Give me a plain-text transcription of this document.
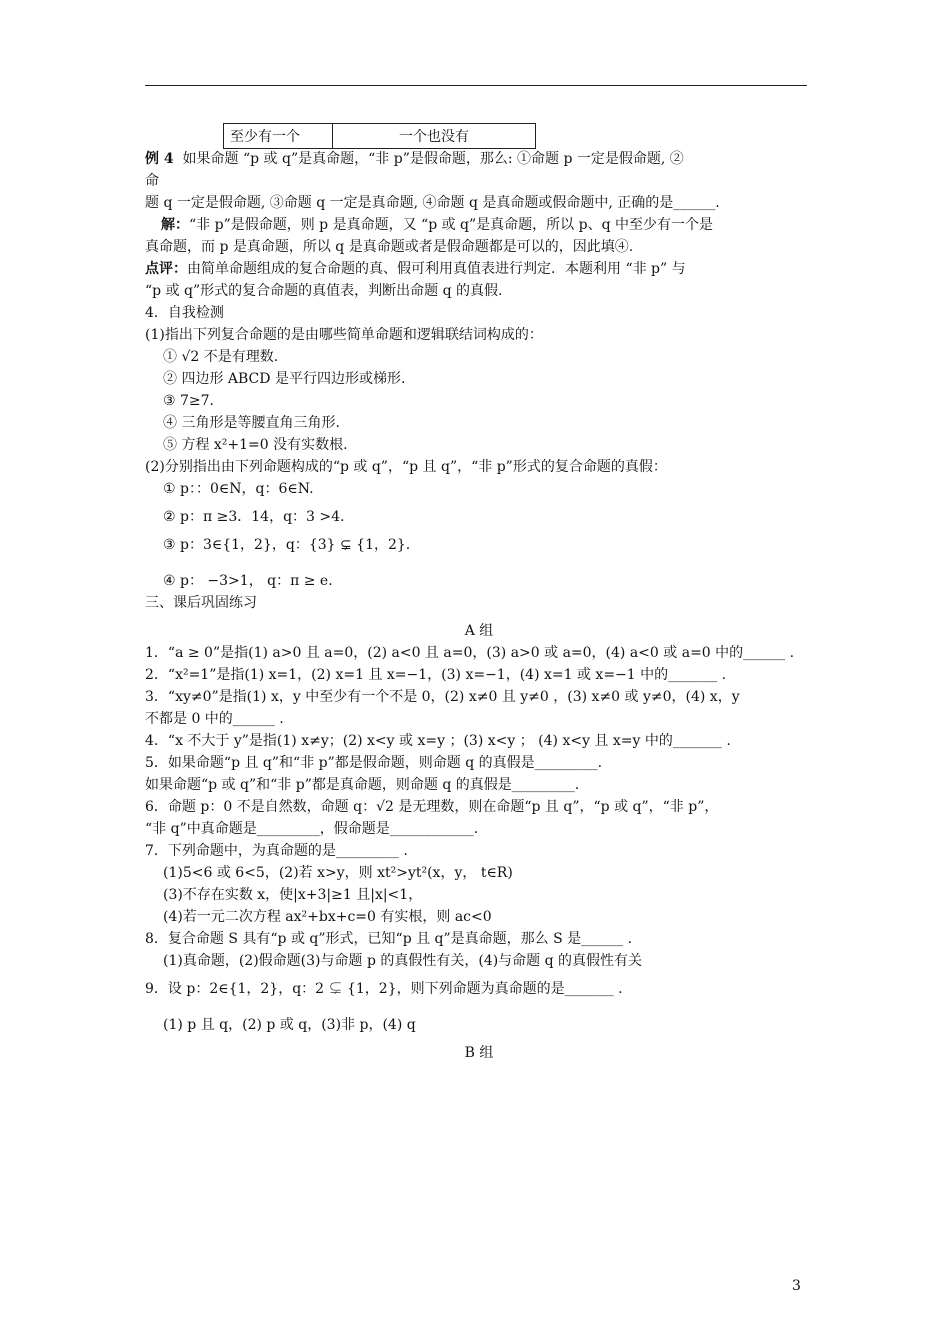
至少有一个	一个也没有
例 4 如果命题 “p 或 q”是真命题，“非 p”是假命题，那么: ①命题 p 一定是假命题, ②
命
题 q 一定是假命题, ③命题 q 一定是真命题, ④命题 q 是真命题或假命题中, 正确的是______.
解：“非 p”是假命题，则 p 是真命题，又 “p 或 q”是真命题，所以 p、q 中至少有一个是
真命题，而 p 是真命题，所以 q 是真命题或者是假命题都是可以的，因此填④.
点评：由简单命题组成的复合命题的真、假可利用真值表进行判定．本题利用 “非 p” 与
“p 或 q”形式的复合命题的真值表，判断出命题 q 的真假.
4．自我检测
(1)指出下列复合命题的是由哪些简单命题和逻辑联结词构成的：
① √2 不是有理数.
② 四边形 ABCD 是平行四边形或梯形.
③ 7≥7.
④ 三角形是等腰直角三角形.
⑤ 方程 x²+1=0 没有实数根.
(2)分别指出由下列命题构成的“p 或 q”，“p 且 q”，“非 p”形式的复合命题的真假：
① p：：0∈N，q：6∈N.
② p：π ≥3．14，q：3 >4.
③ p：3∈{1，2}，q：{3} ⊊ {1，2}.
④ p： −3>1， q：π ≥ e.
三、课后巩固练习
A 组
1．“a ≥ 0”是指(1) a>0 且 a=0，(2) a<0 且 a=0，(3) a>0 或 a=0，(4) a<0 或 a=0 中的______ .
2．“x²=1”是指(1) x=1，(2) x=1 且 x=−1，(3) x=−1，(4) x=1 或 x=−1 中的_______ .
3．“xy≠0”是指(1) x，y 中至少有一个不是 0，(2) x≠0 且 y≠0 ，(3) x≠0 或 y≠0，(4) x，y
不都是 0 中的______ .
4．“x 不大于 y”是指(1) x≠y；(2) x<y 或 x=y ；(3) x<y ； (4) x<y 且 x=y 中的_______ .
5．如果命题“p 且 q”和“非 p”都是假命题，则命题 q 的真假是_________.
如果命题“p 或 q”和“非 p”都是真命题，则命题 q 的真假是_________.
6．命题 p：0 不是自然数，命题 q：√2 是无理数，则在命题“p 且 q”，“p 或 q”，“非 p”，
“非 q”中真命题是_________，假命题是____________.
7．下列命题中，为真命题的是_________ .
(1)5<6 或 6<5，(2)若 x>y，则 xt²>yt²(x，y， t∈R)
(3)不存在实数 x，使|x+3|≥1 且|x|<1，
(4)若一元二次方程 ax²+bx+c=0 有实根，则 ac<0
8．复合命题 S 具有“p 或 q”形式，已知“p 且 q”是真命题，那么 S 是______ .
(1)真命题，(2)假命题(3)与命题 p 的真假性有关，(4)与命题 q 的真假性有关
9．设 p：2∈{1，2}，q：2 ⊊ {1，2}，则下列命题为真命题的是_______ .
(1) p 且 q，(2) p 或 q，(3)非 p，(4) q
B 组
3
